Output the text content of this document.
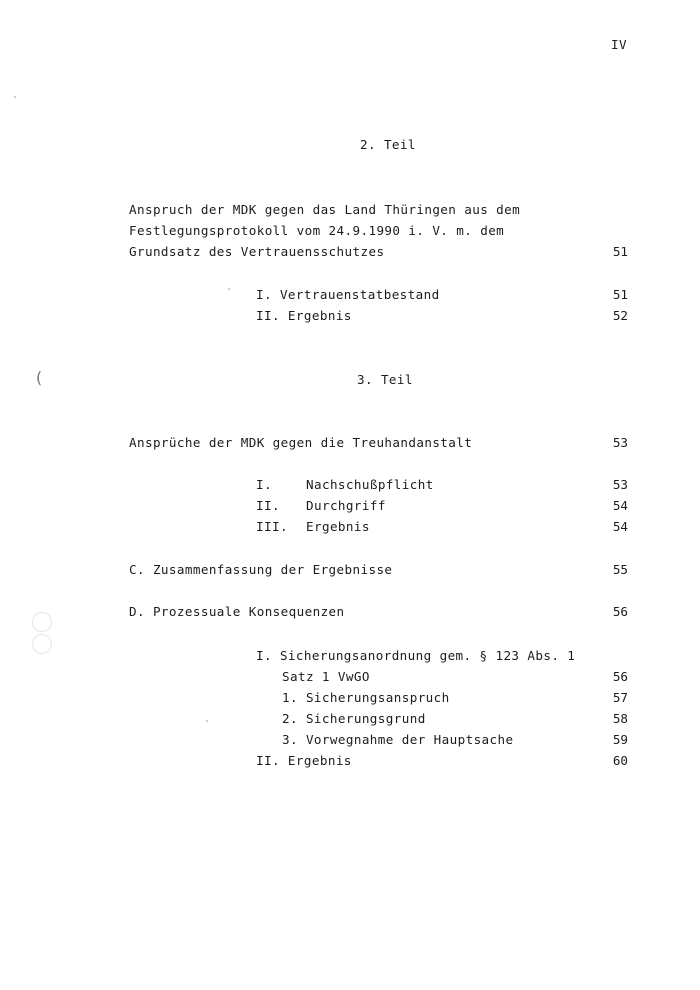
IV
2. Teil
Anspruch der MDK gegen das Land Thüringen aus dem
Festlegungsprotokoll vom 24.9.1990 i. V. m. dem
Grundsatz des Vertrauensschutzes	51
I. Vertrauenstatbestand	51
II. Ergebnis	52
(	3. Teil
Ansprüche der MDK gegen die Treuhandanstalt	53
I.	Nachschußpflicht	53
II. Durchgriff	54
III. Ergebnis	54
C. Zusammenfassung der Ergebnisse	55
D. Prozessuale Konsequenzen	56
I. Sicherungsanordnung gem. § 123 Abs. 1
Satz 1 VwGO	56
1. Sicherungsanspruch	57
2. Sicherungsgrund	58
3. Vorwegnahme der Hauptsache	59
II. Ergebnis	60
